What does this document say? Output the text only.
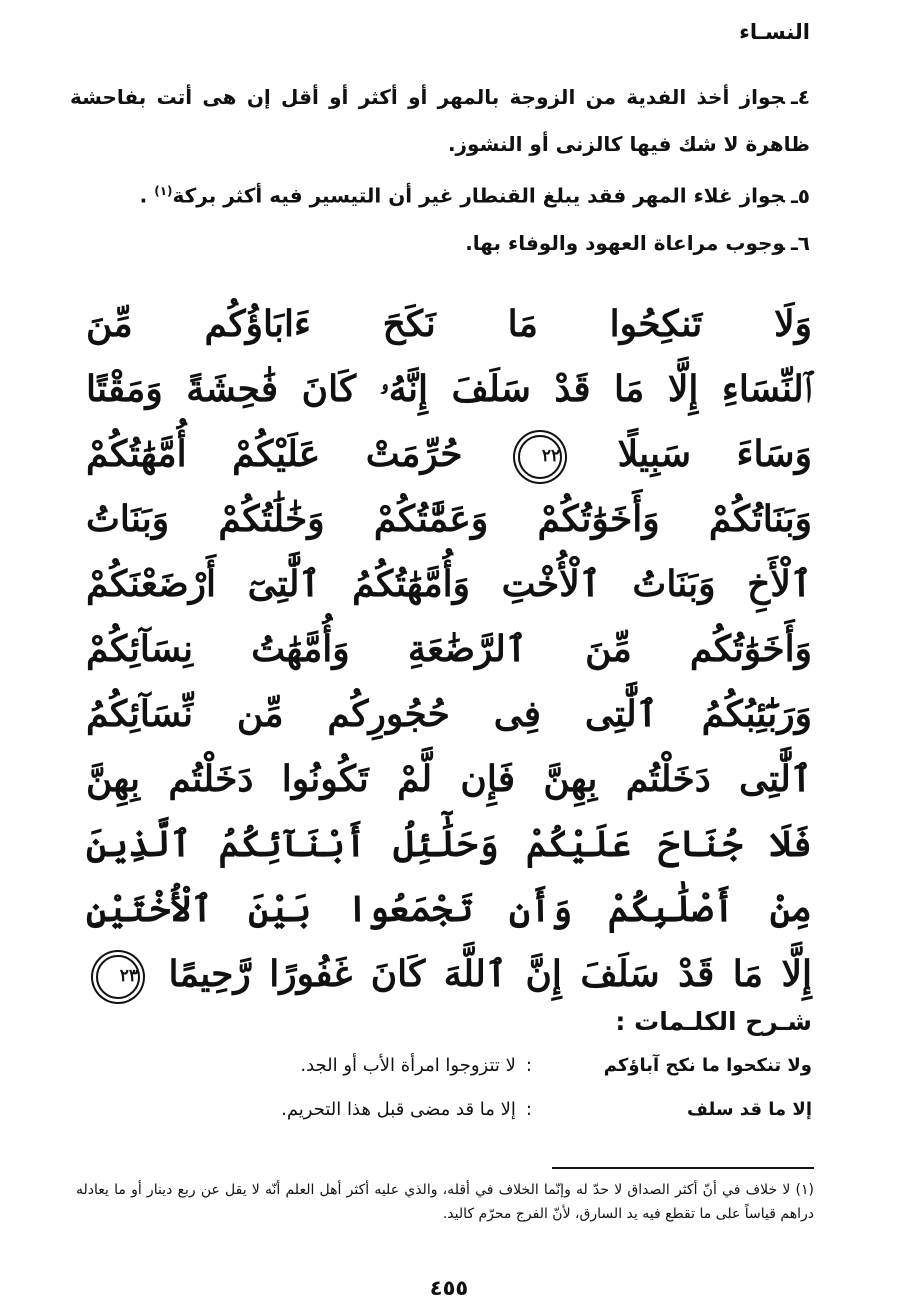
النسـاء

٤ـجواز أخذ الفدية من الزوجة بالمهر أو أكثر أو أقل إن هى أتت بفاحشة ظاهرة لا شك فيها كالزنى أو النشوز.

٥ـجواز غلاء المهر فقد يبلغ القنطار غير أن التيسير فيه أكثر بركة$^{(١)}$ .

٦ـوجوب مراعاة العهود والوفاء بها.

وَلَا تَنكِحُوا مَا نَكَحَ ءَابَاؤُكُم مِّنَ
ٱلنِّسَاءِ إِلَّا مَا قَدْ سَلَفَ إِنَّهُۥ كَانَ فَٰحِشَةً وَمَقْتًا
وَسَاءَ سَبِيلًا ٢٢ حُرِّمَتْ عَلَيْكُمْ أُمَّهَٰتُكُمْ
وَبَنَاتُكُمْ وَأَخَوَٰتُكُمْ وَعَمَّٰتُكُمْ وَخَٰلَٰتُكُمْ وَبَنَاتُ
ٱلْأَخِ وَبَنَاتُ ٱلْأُخْتِ وَأُمَّهَٰتُكُمُ ٱلَّٰتِىٓ أَرْضَعْنَكُمْ
وَأَخَوَٰتُكُم مِّنَ ٱلرَّضَٰعَةِ وَأُمَّهَٰتُ نِسَآئِكُمْ
وَرَبَٰٓئِبُكُمُ ٱلَّٰتِى فِى حُجُورِكُم مِّن نِّسَآئِكُمُ
ٱلَّٰتِى دَخَلْتُم بِهِنَّ فَإِن لَّمْ تَكُونُوا دَخَلْتُم بِهِنَّ
فَلَا جُنَاحَ عَلَيْكُمْ وَحَلَٰٓئِلُ أَبْنَآئِكُمُ ٱلَّذِينَ
مِنْ أَصْلَٰبِكُمْ وَأَن تَجْمَعُوا بَيْنَ ٱلْأُخْتَيْنِ
إِلَّا مَا قَدْ سَلَفَ إِنَّ ٱللَّهَ كَانَ غَفُورًا رَّحِيمًا ٢٣
شـرح الكلـمات :
ولا تنكحوا ما نكح آباؤكم
:
لا تتزوجوا امرأة الأب أو الجد.
إلا ما قد سلف
:
إلا ما قد مضى قبل هذا التحريم.
(١) لا خلاف في أنّ أكثر الصداق لا حدّ له وإنّما الخلاف في أقله، والذي عليه أكثر أهل العلم أنّه لا يقل عن ربع دينار أو ما يعادله دراهم قياساً على ما تقطع فيه يد السارق، لأنّ الفرج محرّم كاليد.
٤٥٥
